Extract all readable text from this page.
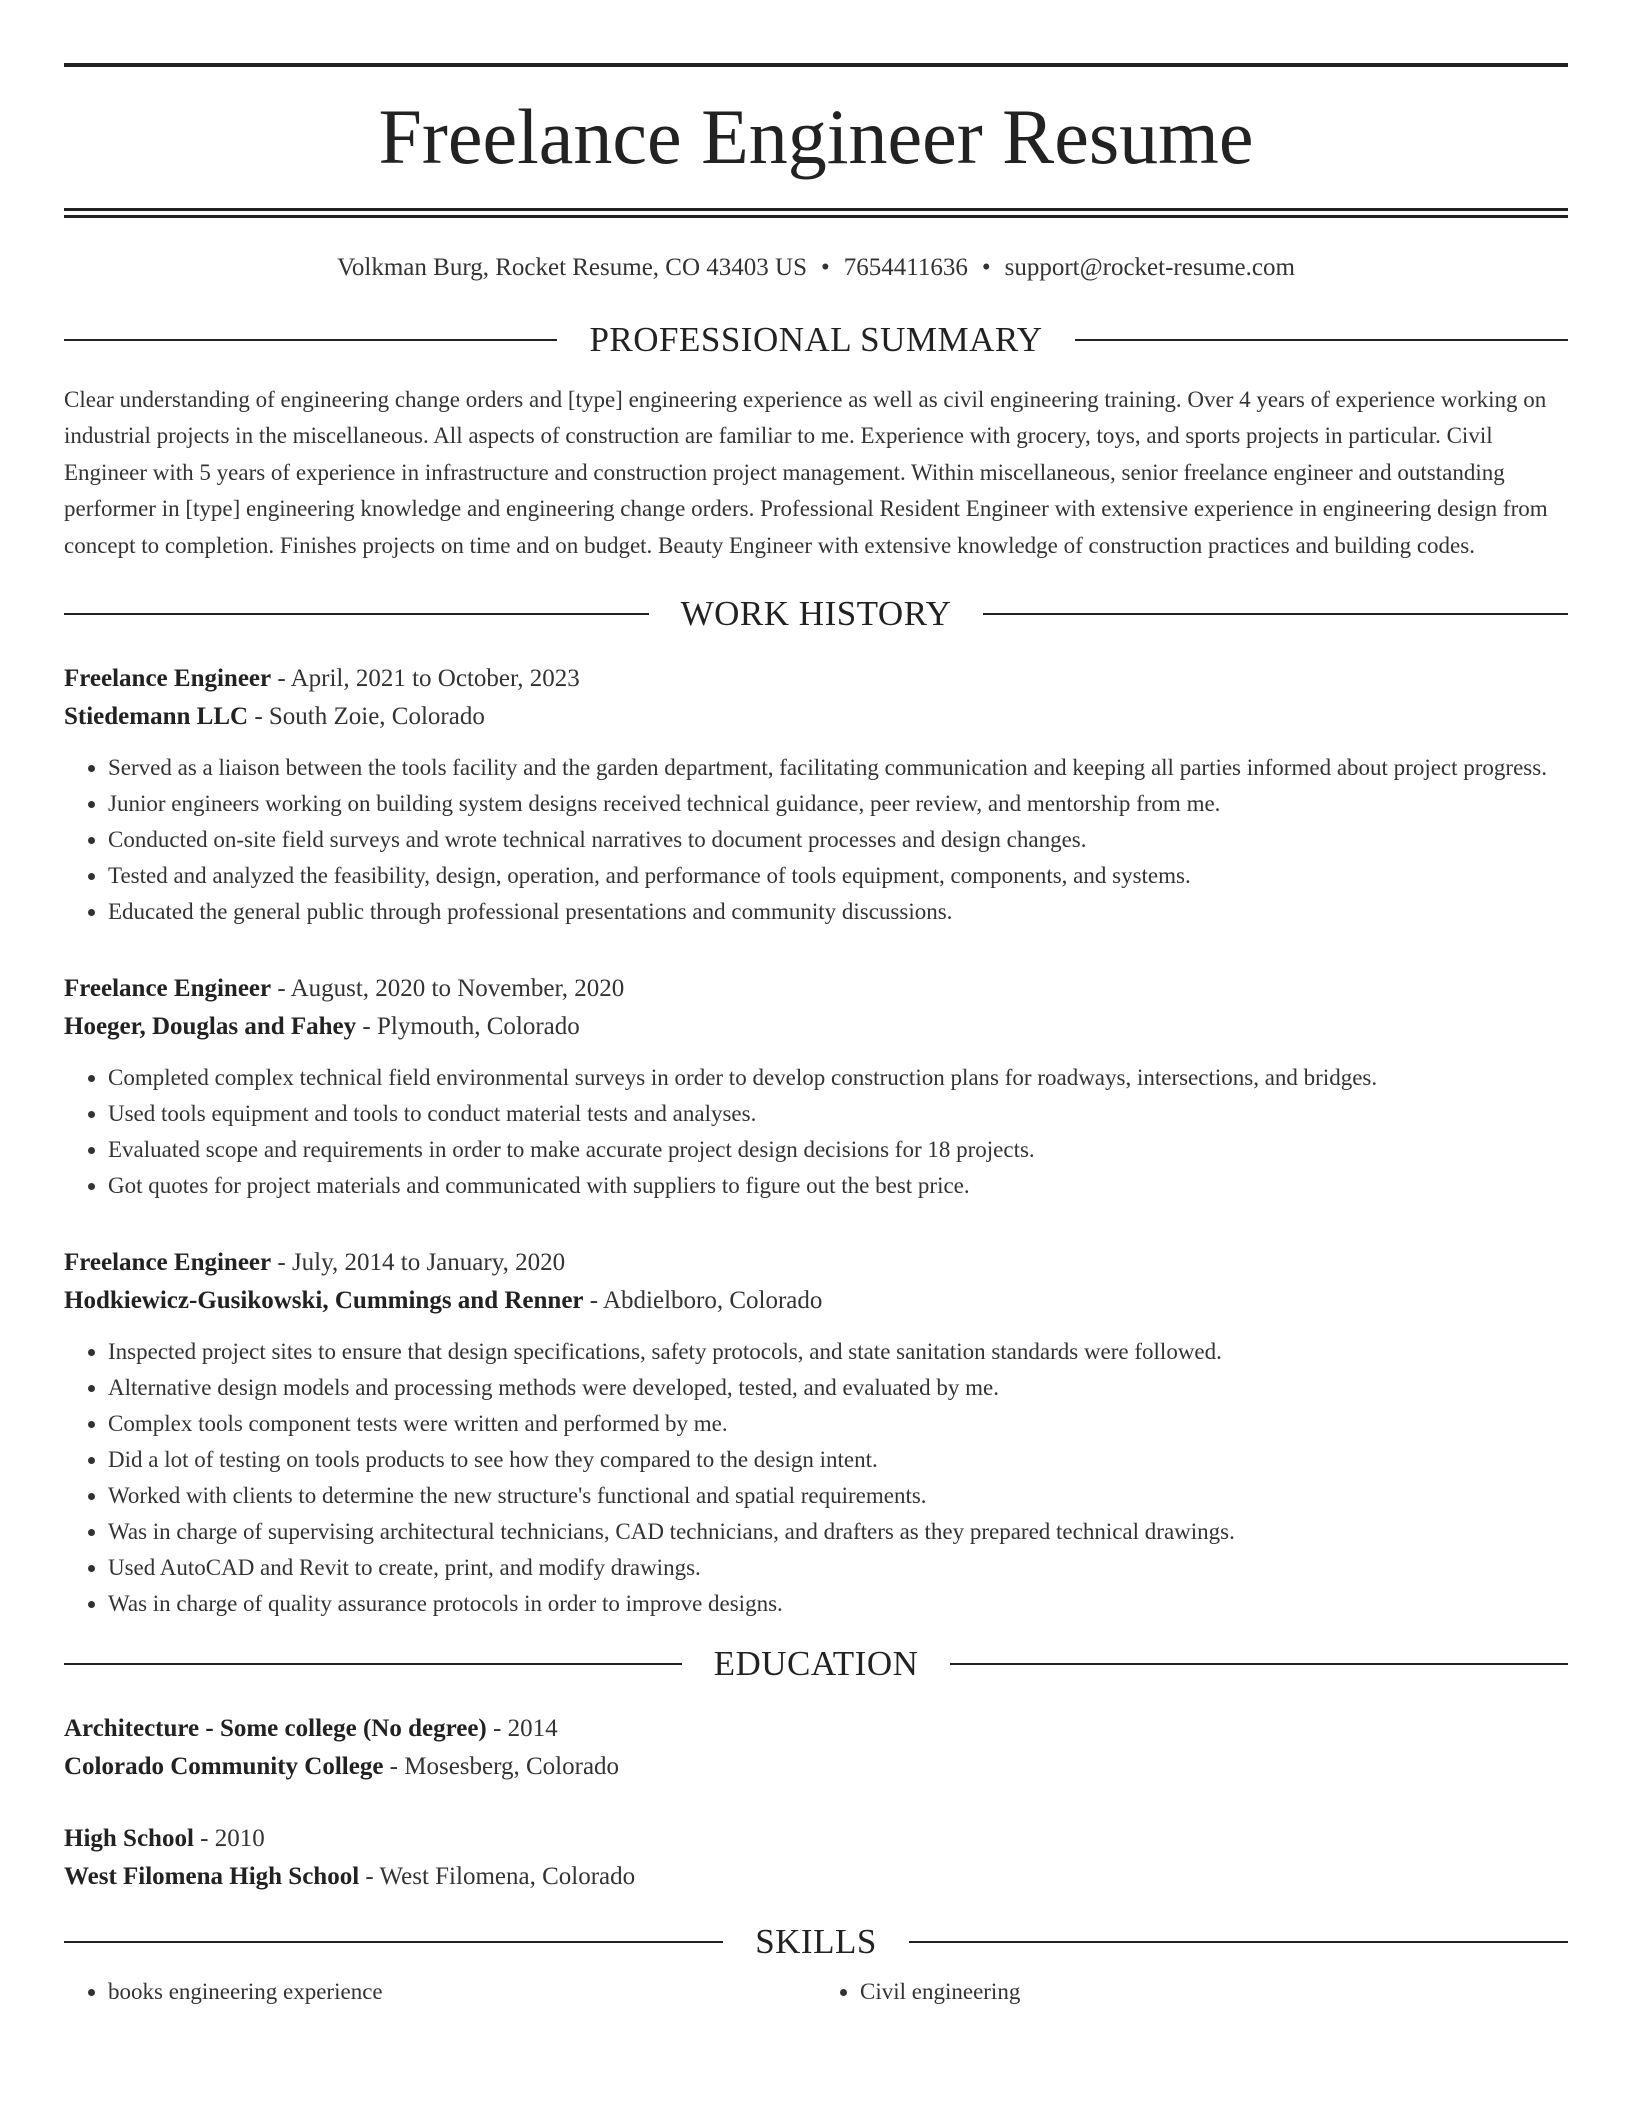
Freelance Engineer Resume
Volkman Burg, Rocket Resume, CO 43403 US • 7654411636 • support@rocket-resume.com
PROFESSIONAL SUMMARY

Clear understanding of engineering change orders and [type] engineering experience as well as civil engineering training. Over 4 years of experience working on industrial projects in the miscellaneous. All aspects of construction are familiar to me. Experience with grocery, toys, and sports projects in particular. Civil Engineer with 5 years of experience in infrastructure and construction project management. Within miscellaneous, senior freelance engineer and outstanding performer in [type] engineering knowledge and engineering change orders. Professional Resident Engineer with extensive experience in engineering design from concept to completion. Finishes projects on time and on budget. Beauty Engineer with extensive knowledge of construction practices and building codes.

WORK HISTORY
Freelance Engineer - April, 2021 to October, 2023
Stiedemann LLC - South Zoie, Colorado
• Served as a liaison between the tools facility and the garden department, facilitating communication and keeping all parties informed about project progress.
• Junior engineers working on building system designs received technical guidance, peer review, and mentorship from me.
• Conducted on-site field surveys and wrote technical narratives to document processes and design changes.
• Tested and analyzed the feasibility, design, operation, and performance of tools equipment, components, and systems.
• Educated the general public through professional presentations and community discussions.
Freelance Engineer - August, 2020 to November, 2020
Hoeger, Douglas and Fahey - Plymouth, Colorado
• Completed complex technical field environmental surveys in order to develop construction plans for roadways, intersections, and bridges.
• Used tools equipment and tools to conduct material tests and analyses.
• Evaluated scope and requirements in order to make accurate project design decisions for 18 projects.
• Got quotes for project materials and communicated with suppliers to figure out the best price.
Freelance Engineer - July, 2014 to January, 2020
Hodkiewicz-Gusikowski, Cummings and Renner - Abdielboro, Colorado
• Inspected project sites to ensure that design specifications, safety protocols, and state sanitation standards were followed.
• Alternative design models and processing methods were developed, tested, and evaluated by me.
• Complex tools component tests were written and performed by me.
• Did a lot of testing on tools products to see how they compared to the design intent.
• Worked with clients to determine the new structure's functional and spatial requirements.
• Was in charge of supervising architectural technicians, CAD technicians, and drafters as they prepared technical drawings.
• Used AutoCAD and Revit to create, print, and modify drawings.
• Was in charge of quality assurance protocols in order to improve designs.
EDUCATION
Architecture - Some college (No degree) - 2014
Colorado Community College - Mosesberg, Colorado
High School - 2010
West Filomena High School - West Filomena, Colorado
SKILLS
• books engineering experience
•	Civil engineering
